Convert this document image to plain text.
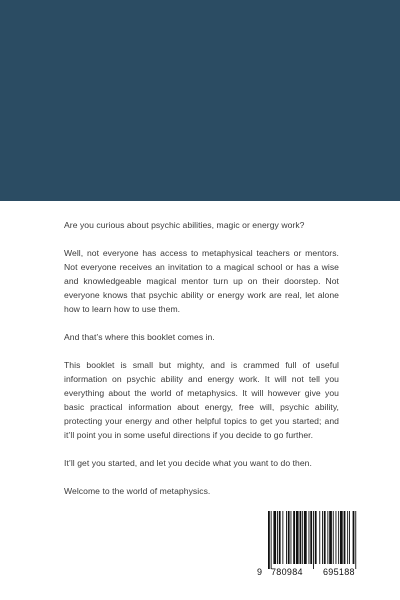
Are you curious about psychic abilities, magic or energy work?

Well, not everyone has access to metaphysical teachers or mentors. Not everyone receives an invitation to a magical school or has a wise and knowledgeable magical mentor turn up on their doorstep. Not everyone knows that psychic ability or energy work are real, let alone how to learn how to use them.

And that’s where this booklet comes in.

This booklet is small but mighty, and is crammed full of useful information on psychic ability and energy work. It will not tell you everything about the world of metaphysics. It will however give you basic practical information about energy, free will, psychic ability, protecting your energy and other helpful topics to get you started; and it’ll point you in some useful directions if you decide to go further.

It’ll get you started, and let you decide what you want to do then.

Welcome to the world of metaphysics.

9 780984 695188
